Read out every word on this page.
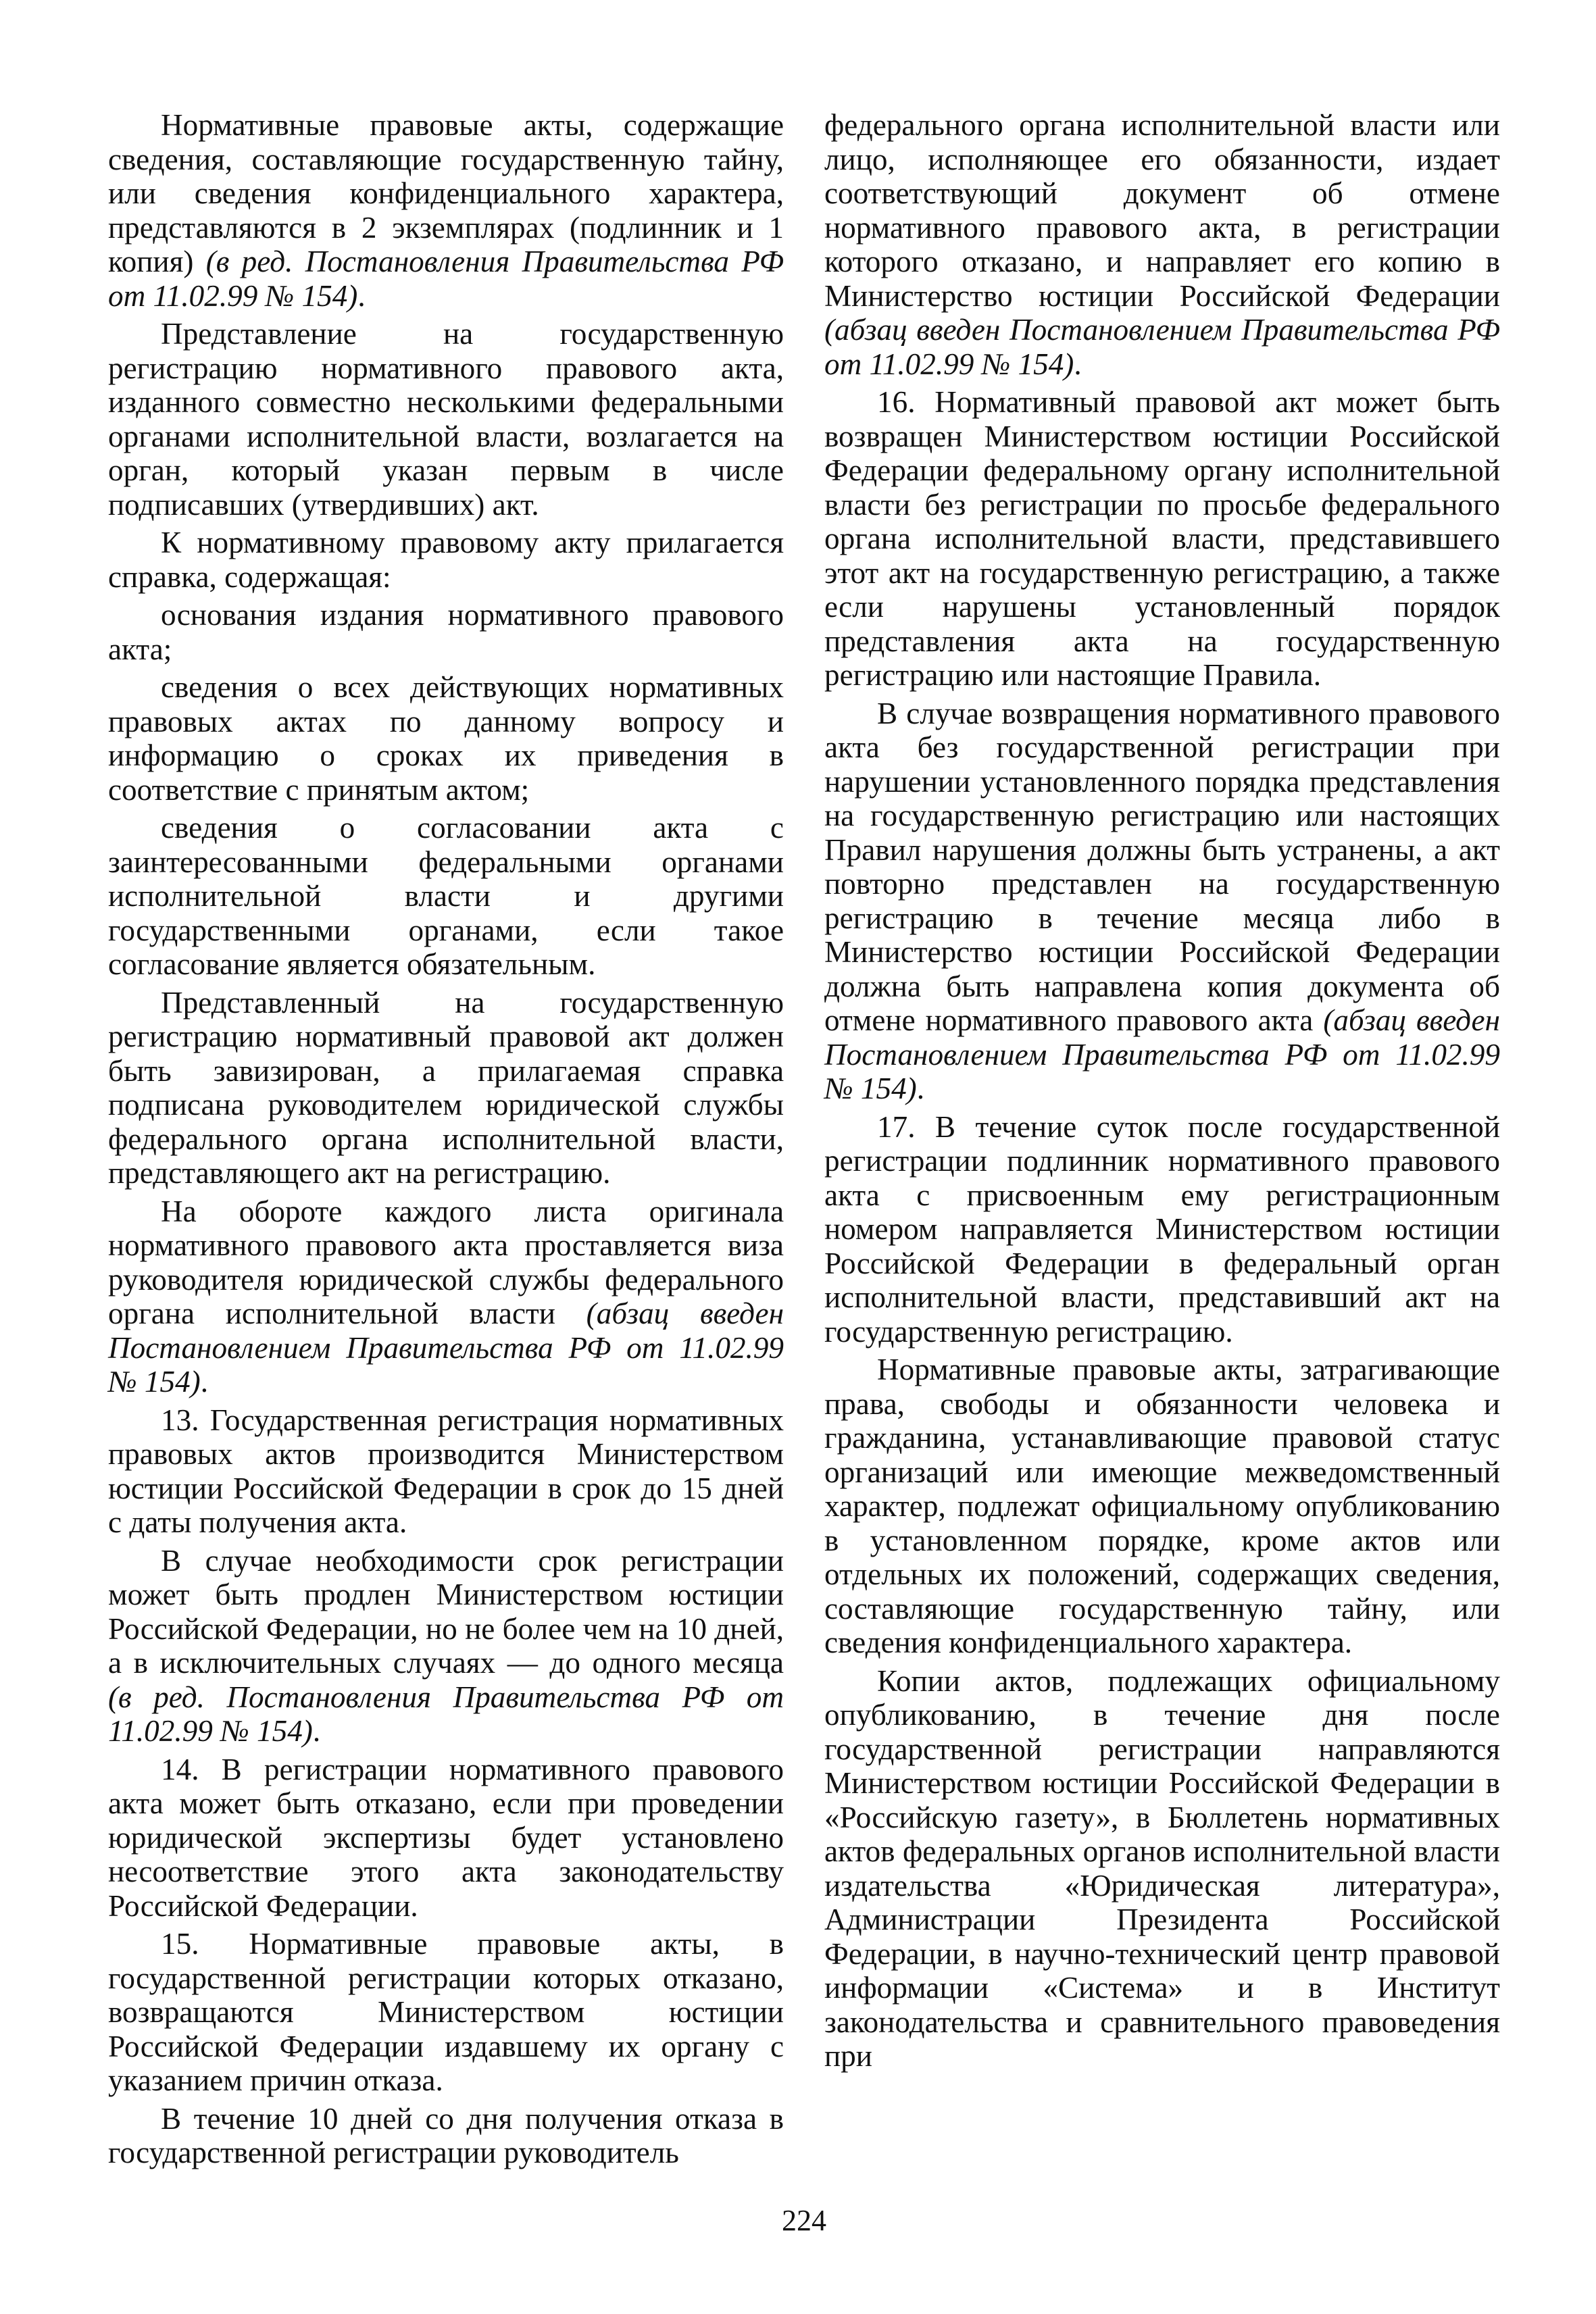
Нормативные правовые акты, содержащие сведения, составляющие государственную тайну, или сведения конфиденциального характера, представляются в 2 экземплярах (подлинник и 1 копия) (в ред. Постановления Правительства РФ от 11.02.99 № 154).

Представление на государственную регистрацию нормативного правового акта, изданного совместно несколькими федеральными органами исполнительной власти, возлагается на орган, который указан первым в числе подписавших (утвердивших) акт.

К нормативному правовому акту прилагается справка, содержащая:

основания издания нормативного правового акта;

сведения о всех действующих нормативных правовых актах по данному вопросу и информацию о сроках их приведения в соответствие с принятым актом;

сведения о согласовании акта с заинтересованными федеральными органами исполнительной власти и другими государственными органами, если такое согласование является обязательным.

Представленный на государственную регистрацию нормативный правовой акт должен быть завизирован, а прилагаемая справка подписана руководителем юридической службы федерального органа исполнительной власти, представляющего акт на регистрацию.

На обороте каждого листа оригинала нормативного правового акта проставляется виза руководителя юридической службы федерального органа исполнительной власти (абзац введен Постановлением Правительства РФ от 11.02.99 № 154).

13. Государственная регистрация нормативных правовых актов производится Министерством юстиции Российской Федерации в срок до 15 дней с даты получения акта.

В случае необходимости срок регистрации может быть продлен Министерством юстиции Российской Федерации, но не более чем на 10 дней, а в исключительных случаях — до одного месяца (в ред. Постановления Правительства РФ от 11.02.99 № 154).

14. В регистрации нормативного правового акта может быть отказано, если при проведении юридической экспертизы будет установлено несоответствие этого акта законодательству Российской Федерации.

15. Нормативные правовые акты, в государственной регистрации которых отказано, возвращаются Министерством юстиции Российской Федерации издавшему их органу с указанием причин отказа.

В течение 10 дней со дня получения отказа в государственной регистрации руководитель

федерального органа исполнительной власти или лицо, исполняющее его обязанности, издает соответствующий документ об отмене нормативного правового акта, в регистрации которого отказано, и направляет его копию в Министерство юстиции Российской Федерации (абзац введен Постановлением Правительства РФ от 11.02.99 № 154).

16. Нормативный правовой акт может быть возвращен Министерством юстиции Российской Федерации федеральному органу исполнительной власти без регистрации по просьбе федерального органа исполнительной власти, представившего этот акт на государственную регистрацию, а также если нарушены установленный порядок представления акта на государственную регистрацию или настоящие Правила.

В случае возвращения нормативного правового акта без государственной регистрации при нарушении установленного порядка представления на государственную регистрацию или настоящих Правил нарушения должны быть устранены, а акт повторно представлен на государственную регистрацию в течение месяца либо в Министерство юстиции Российской Федерации должна быть направлена копия документа об отмене нормативного правового акта (абзац введен Постановлением Правительства РФ от 11.02.99 № 154).

17. В течение суток после государственной регистрации подлинник нормативного правового акта с присвоенным ему регистрационным номером направляется Министерством юстиции Российской Федерации в федеральный орган исполнительной власти, представивший акт на государственную регистрацию.

Нормативные правовые акты, затрагивающие права, свободы и обязанности человека и гражданина, устанавливающие правовой статус организаций или имеющие межведомственный характер, подлежат официальному опубликованию в установленном порядке, кроме актов или отдельных их положений, содержащих сведения, составляющие государственную тайну, или сведения конфиденциального характера.

Копии актов, подлежащих официальному опубликованию, в течение дня после государственной регистрации направляются Министерством юстиции Российской Федерации в «Российскую газету», в Бюллетень нормативных актов федеральных органов исполнительной власти издательства «Юридическая литература», Администрации Президента Российской Федерации, в научно-технический центр правовой информации «Система» и в Институт законодательства и сравнительного правоведения при

224
